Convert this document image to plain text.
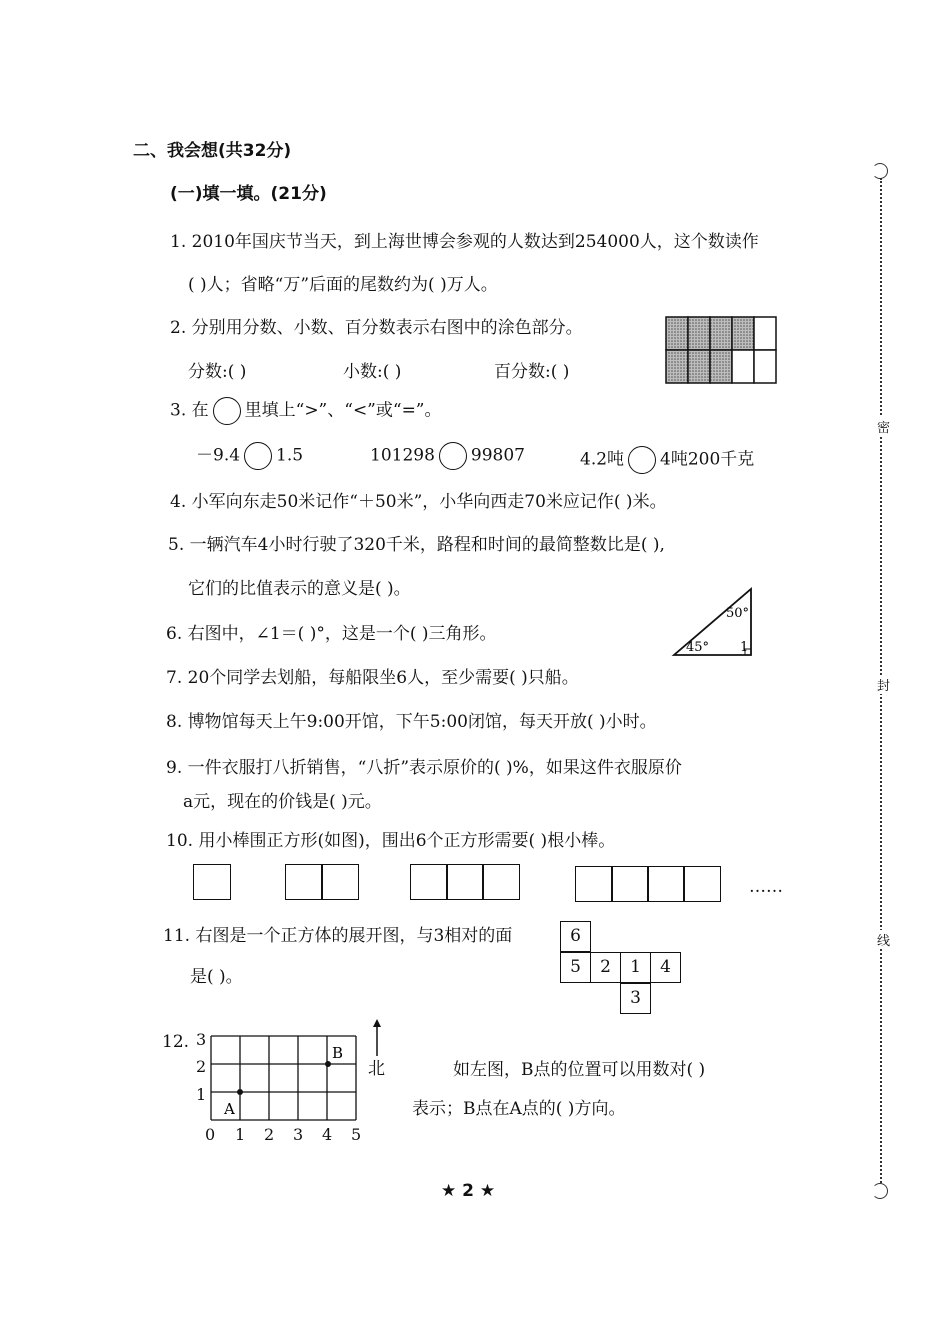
二、我会想(共32分)
(一)填一填。(21分)
1. 2010年国庆节当天，到上海世博会参观的人数达到254000人，这个数读作
( )人；省略“万”后面的尾数约为( )万人。
2. 分别用分数、小数、百分数表示右图中的涂色部分。
分数:( )	小数:( )	百分数:( )
3. 在 里填上“>”、“<”或“=”。
－9.4 1.5	101298 99807	4.2吨 4吨200千克
4. 小军向东走50米记作“＋50米”，小华向西走70米应记作( )米。
5. 一辆汽车4小时行驶了320千米，路程和时间的最简整数比是( ),
它们的比值表示的意义是( )。
6. 右图中，∠1＝( )°，这是一个( )三角形。
50°
45° 1
7. 20个同学去划船，每船限坐6人，至少需要( )只船。
8. 博物馆每天上午9:00开馆，下午5:00闭馆，每天开放( )小时。
9. 一件衣服打八折销售，“八折”表示原价的( )%，如果这件衣服原价
a元，现在的价钱是( )元。
10. 用小棒围正方形(如图)，围出6个正方形需要( )根小棒。
……
11. 右图是一个正方体的展开图，与3相对的面
是( )。
6
5	2	1	4
3
12. 3
2
1
A
B
0 1 2 3 4 5
北	如左图，B点的位置可以用数对( )
表示；B点在A点的( )方向。
★ 2 ★
密
封
线
